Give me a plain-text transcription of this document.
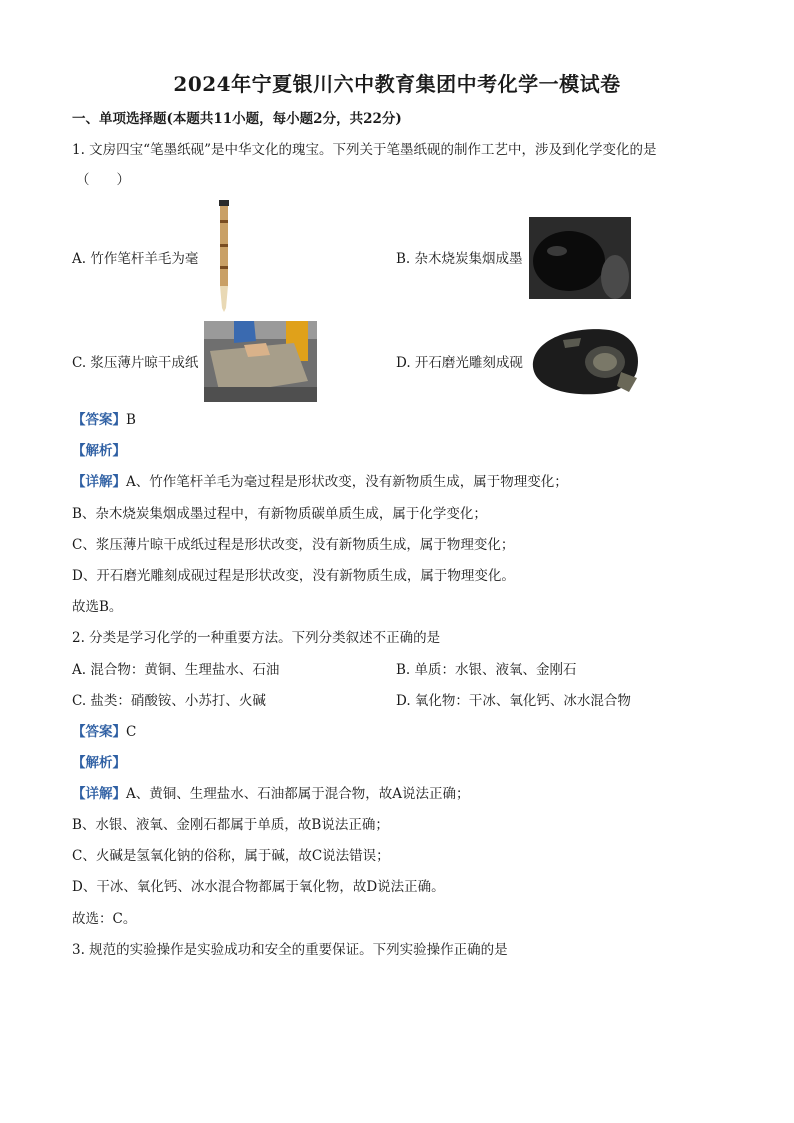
2024年宁夏银川六中教育集团中考化学一模试卷
一、单项选择题(本题共11小题，每小题2分，共22分)
1. 文房四宝“笔墨纸砚”是中华文化的瑰宝。下列关于笔墨纸砚的制作工艺中，涉及到化学变化的是
（　　）
A. 竹作笔杆羊毛为毫	B. 杂木烧炭集烟成墨
C. 浆压薄片晾干成纸	D. 开石磨光雕刻成砚
【答案】B
【解析】
【详解】A、竹作笔杆羊毛为毫过程是形状改变，没有新物质生成，属于物理变化；
B、杂木烧炭集烟成墨过程中，有新物质碳单质生成，属于化学变化；
C、浆压薄片晾干成纸过程是形状改变，没有新物质生成，属于物理变化；
D、开石磨光雕刻成砚过程是形状改变，没有新物质生成，属于物理变化。
故选B。
2. 分类是学习化学的一种重要方法。下列分类叙述不正确的是
A. 混合物：黄铜、生理盐水、石油	B. 单质：水银、液氧、金刚石
C. 盐类：硝酸铵、小苏打、火碱	D. 氧化物：干冰、氧化钙、冰水混合物
【答案】C
【解析】
【详解】A、黄铜、生理盐水、石油都属于混合物，故A说法正确；
B、水银、液氧、金刚石都属于单质，故B说法正确；
C、火碱是氢氧化钠的俗称，属于碱，故C说法错误；
D、干冰、氧化钙、冰水混合物都属于氧化物，故D说法正确。
故选：C。
3. 规范的实验操作是实验成功和安全的重要保证。下列实验操作正确的是
